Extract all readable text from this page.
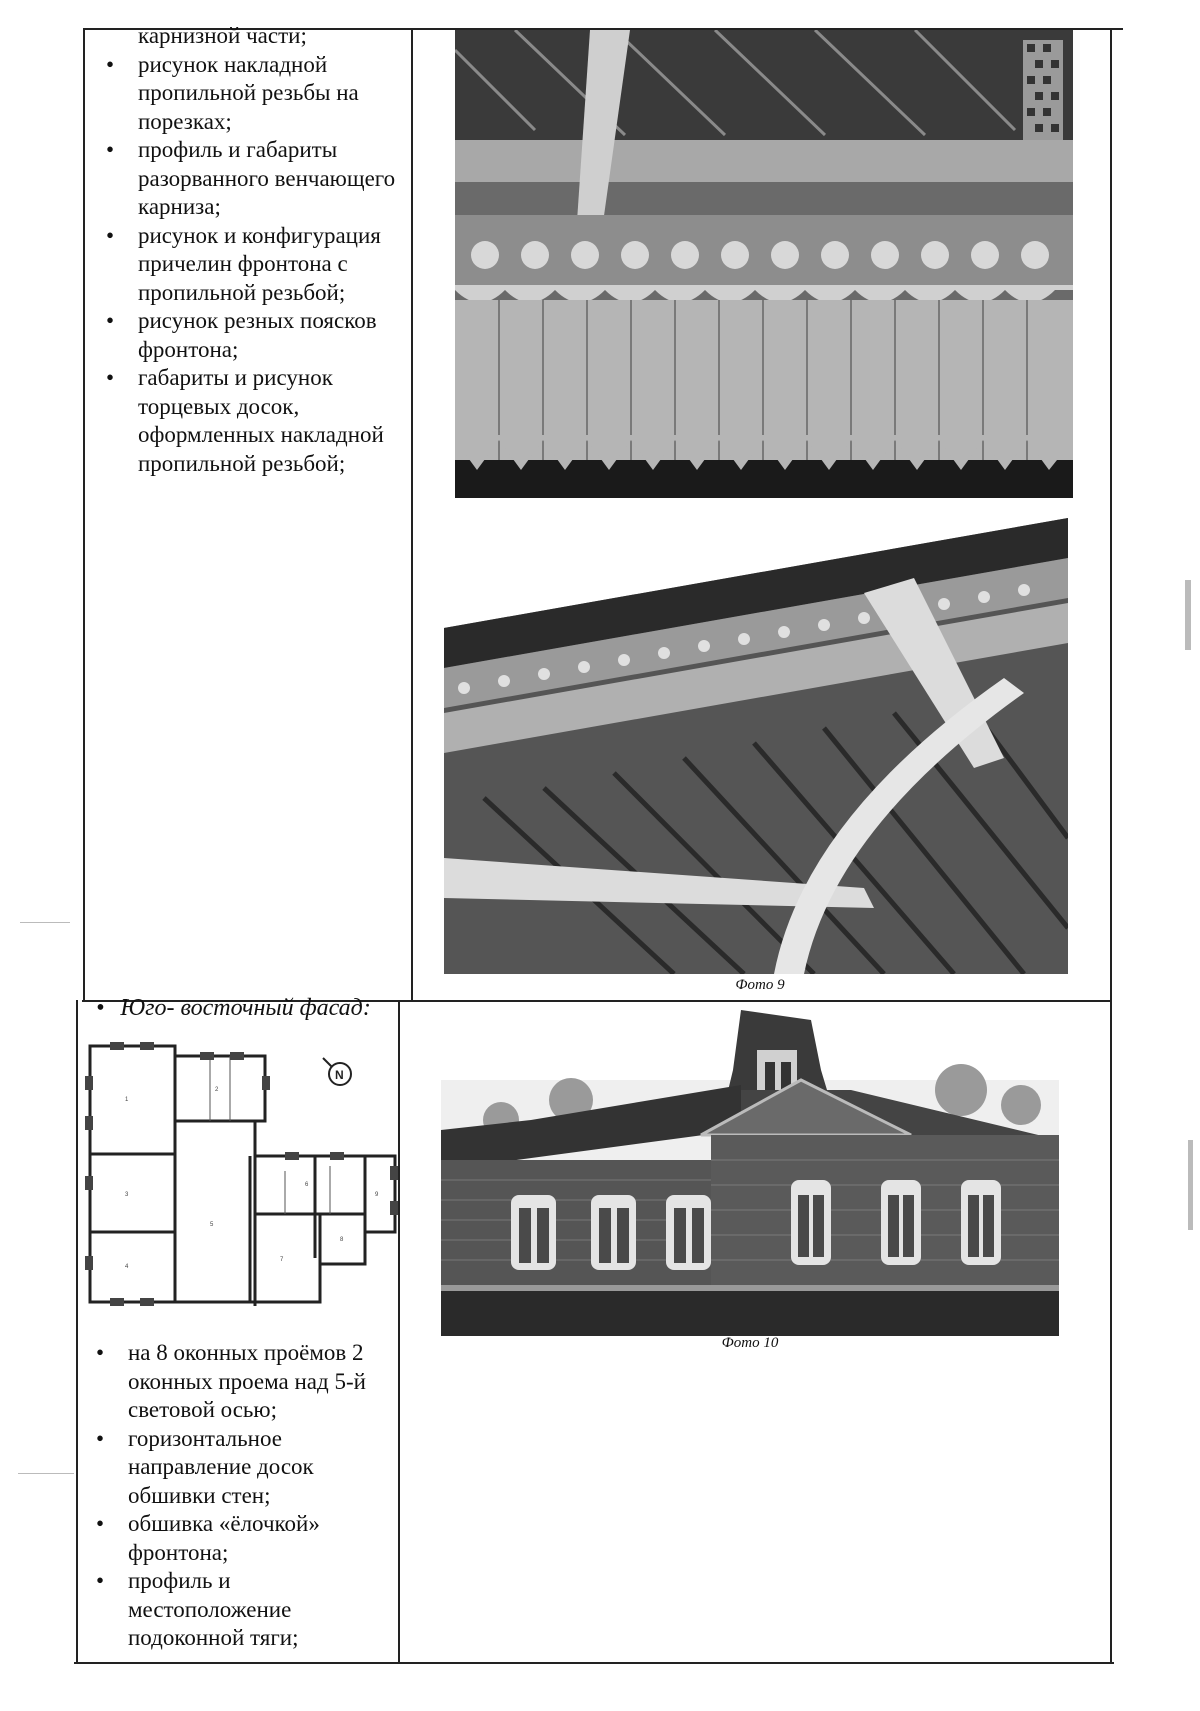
карнизной части;
• рисунок накладной пропильной резьбы на порезках;
• профиль и габариты разорванного венчающего карниза;
• рисунок и конфигурация причелин фронтона с пропильной резьбой;
• рисунок резных поясков фронтона;
• габариты и рисунок торцевых досок, оформленных накладной пропильной резьбой;
Фото 9
• Юго- восточный фасад:
1
2
3
4
5
6
7
8
9
N
• на 8 оконных проёмов 2 оконных проема над 5-й световой осью;
• горизонтальное направление досок обшивки стен;
• обшивка «ёлочкой» фронтона;
• профиль и местоположение подоконной тяги;
Фото 10
